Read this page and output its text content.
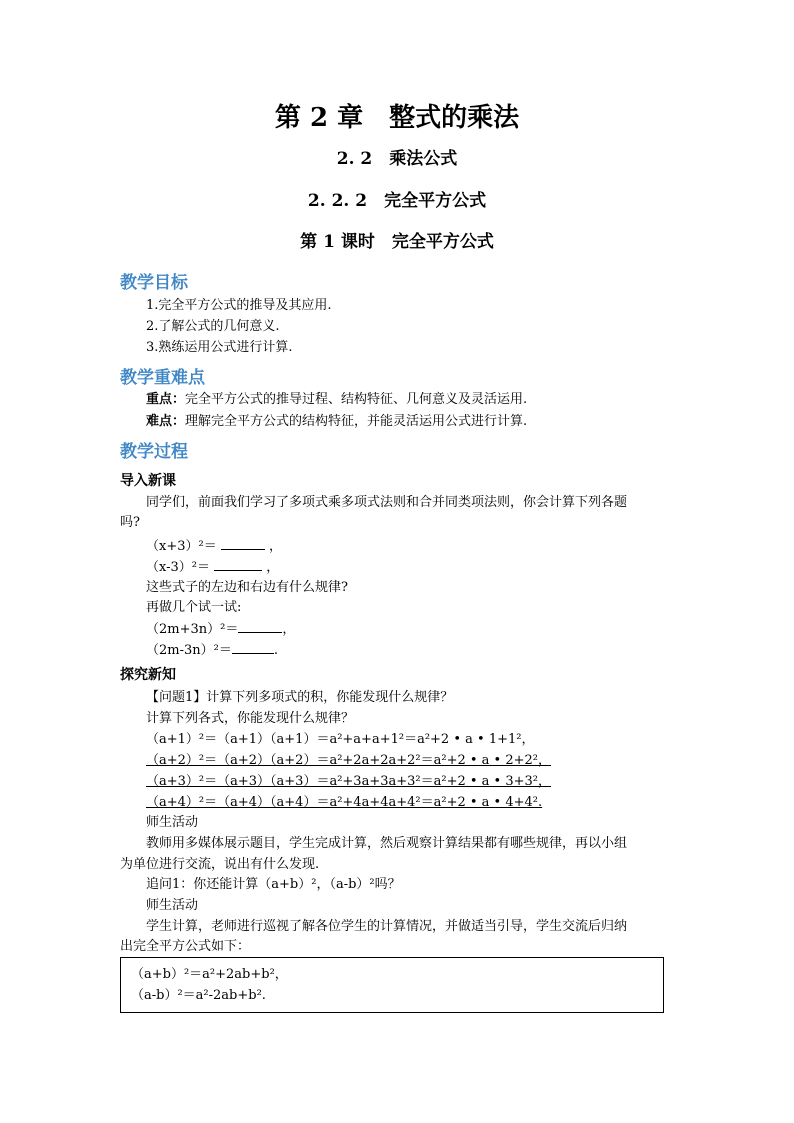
第 2 章　整式的乘法
2. 2　乘法公式
2. 2. 2　完全平方公式
第 1 课时　完全平方公式
教学目标
1.完全平方公式的推导及其应用.
2.了解公式的几何意义.
3.熟练运用公式进行计算.
教学重难点
重点：完全平方公式的推导过程、结构特征、几何意义及灵活运用.
难点：理解完全平方公式的结构特征，并能灵活运用公式进行计算.
教学过程
导入新课
同学们，前面我们学习了多项式乘多项式法则和合并同类项法则，你会计算下列各题
吗?
（x+3）²＝	，
（x-3）²＝	，
这些式子的左边和右边有什么规律?
再做几个试一试:
（2m+3n）²＝	，
（2m-3n）²＝	.
探究新知
【问题1】计算下列多项式的积，你能发现什么规律？
计算下列各式，你能发现什么规律？
（a+1）²＝（a+1）（a+1）＝a²+a+a+1²＝a²+2 • a • 1+1²，
（a+2）²＝（a+2）（a+2）＝a²+2a+2a+2²＝a²+2 • a • 2+2²，
（a+3）²＝（a+3）（a+3）＝a²+3a+3a+3²＝a²+2 • a • 3+3²，
（a+4）²＝（a+4）（a+4）＝a²+4a+4a+4²＝a²+2 • a • 4+4².
师生活动
教师用多媒体展示题目，学生完成计算，然后观察计算结果都有哪些规律，再以小组
为单位进行交流，说出有什么发现.
追问1：你还能计算（a+b）²，（a-b）²吗？
师生活动
学生计算，老师进行巡视了解各位学生的计算情况，并做适当引导，学生交流后归纳
出完全平方公式如下：
（a+b）²＝a²+2ab+b²，
（a-b）²＝a²-2ab+b².
